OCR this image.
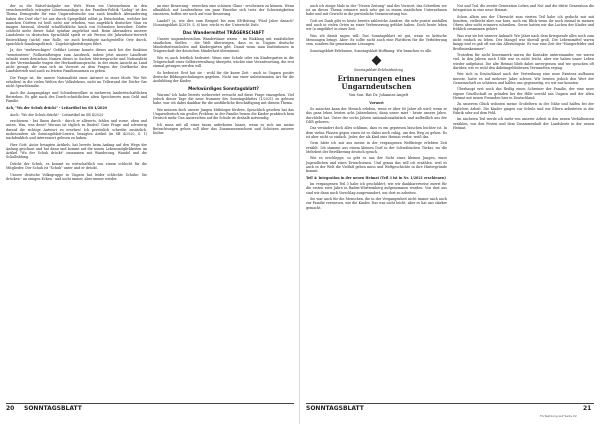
der so die Rätsel-Aufgabe zur Welt. Wenn ein Unternehmen in den zwischenzeitlich ertragter Libretomanlage in der Familien-Politik "Liebig" ist des Thema Demografie für eine Ungarndeutsche uns auch kendlich Abwanderung haben des Dorf ehr? ist aus durch Spiegelbild selbst ja Entscheiden, welcher bei manchen Dörfern ist heiß nicht nur erheben, was angeblich deutscher Sinn en imagen hierosal, obwohl schulflickliche lauch von Schwaben beweilset. Dörfer schlecht mehr dieser Salat spürbar angelehnt sind. Beim Abwandern unserer Landsleute in deutschen Sprachbild spielt er als Person die Jahrzehnte-tierwelt Entwicklung (nicht) eine Rolle, sie auch bestätigte nachgestellte Orte durch, sprachlich-familienpolitisch - Zugehörigkeitsfragen führt.

Ja, der "mehrweckiges" Gefährt Leistar konnte dieses auch bei der funktion "zemeinsteen" (Volksstaftzeigen zum Ausdruck, indem jetzt unsere Landleute erlaubt einen deutschen Namen dieses in Sachen Muttersprache und Nationalität in der Vereinsfamilie tragen der Herkunftsansprache. In der einen Ansicht an Land nicht gesagt, die man sich im Vorwort zu dem Fragen der Dorfkirche den Landsbetrieb und auch zu letzten Familiennamen zu geben.

Die Frage ist, für unsere Nationalität einer Antwort in einer Mode "für Wir erhalten) in die vielen Welten des Volkslebens, nicht im Tellerrand der Dörfer Gar nicht Sprachfamilie.

Auch die Ausgangslage und Schwabenvölker in mehreren landwirtschaftlichen Betrieben. Es gibt nach des Durch-schnittlichen alten Sprichworts zum Geld und Familie.

Ach, "Wo der Schuh drückt" - Leitartikel im SB 4/2020

Auch: "Wo der Schuh drückt" - Leitartikel im SB 4/2020

erschienen - bei Ihnen durch - durch er allerorts, fehlen und vorne, oben und unten. Was, was denn? Woraus ist täglich zu finden? Gute Frage und schwierig darauf die richtige Antwort zu ersehen! Ich persönlich schreibe zusätzlich, insbesondere als Sonntagsblatt-Lesern, besagten Artikel (in SB 4/2020, S. 1) nachdenklich und interessiert gelesen zu haben.

Hier Gott: Autor besagten Artikels, hat bereits beim Anfang auf den Wege der Anfang geschaut und hat dann und kommt auf die neuen Lebensmöglichkeiten im Artikel "Wo der Schuh drückt" zusammen mit Wanderung, Wandel und die Schulbildung.

Drückt der Schuh, es kommt zu wirtschaftlich von einem schlecht für die Mitglieder. Der Schuh ist "Schuh" unter und er drückt.

Unsere deutsche Volksgruppe in Ungarn hat leider schlechte Schuhe: Sie drücken - an einigen Ecken - und nicht immer, aber immer wieder.

an eine Besserung - erwecken eine schönen Glanz - erscheinen zu können. Wenn allmählich auf Landesebene ein paar Einzelne sich trotz der Schwierigkeiten einsetzen, hoffen wir noch auf eine Besserung.

Landel? ja, wie dies zum Beispiel bis zum SB-Beitrag "Fünf Jahre danach" (Sonntagsblatt 4/2019, S. 6) hier, reicht es der Unterricht Dufo.

Das Wandermittel TRÄGERSCHAFT

Unsere ungarndeutschen Wandertänze waren - im Einklang mit zusätzlicher staatlichen Stellen - die Welt überwiegen, dass es in Ungarn deutsche Minderheitenschulen und Kindergärten gibt. Damit wenn man Institutionen in Trägerschaft der deutschen Minderheit übernimmt.

Wie es auch letztlich bedeutet: Wenn eine Schule oder ein Kindergarten in die Trägerschaft einer Selbstverwaltung übergeht, wächst eine Verantwortung, die erst einmal getragen werden will.

So bedeutet: Erst hat sie - wohl für die kurze Zeit - auch in Ungarn positiv deutsche Bildungsschulungen gegeben. Nicht nur einer unbestimmten Art für die Ausbildung der Kinder.

Merkwürdiges Sonntagsblatt?

Warum? Ich habe bereits vorbereitet versucht auf diese Frage einzugehen. Viel jedoch dieser Tage die neue Nummer des Sonntagsblattes (1/2021) zu gelesen habe, war ich dabei dankbar für die ausführliche Beschäftigung mit diesem Thema.

Wir müssen doch unsere Jungen Mitbürger fördern. Sprachlich gesehen hat das Ungarndeutsch ein großes Problem: in der Familie lernen die Kinder praktisch kein Deutsch mehr. Das Ausweichen auf die Schule ist deshalb notwendig.

Ich muss mit all einer tunzu auferkoren lassen, wenn es sich um meine Betrachtungen gehen soll über das Zusammenwachsen und Schützen unserer Kultur.

20 SONNTAGSBLATT

auch ich einige Male in der "Neuen Zeitung" und des Vorwort, das Schreiben vor ist an dieses Thema erinnere mich sehr gut in einem staatlichen Unternehmen habe und mit Gewicht in die persönliche Verantwortung tun.

Gott sei Dank gibt es heute bereits zahlreiche Ansätze, die sehr positiv ausfallen und auch in vielen Orten zu einer Verbesserung geführt haben. Doch heute leben wir (a ungefähr) in einer Zeit.

Was ich damit sagen will: Das Sonntagsblatt ist gut, wenn es kritische Meinungen bringt. Aber: Es sollte nicht auch eine Plattform für die Verbitterung sein, sondern für gemeinsame Lösungen.

Sonntagsblatt-Erlebnisse, Sonntagsblatt-Hoffnung: Wir brauchen es alle.

Sonntagsblatt-Erlebnisbeitrag

Erinnerungen eines Ungarndeutschen

Von Son.-Rat Dr. Johannes Angelt

Vorwort

So manches kann der Mensch erleben, wenn er über 80 Jahre alt wird; wenn er das ganz leben letzten acht Jahrzehnten, dann unser miet - heute unsere Jahre, durchlebt hat. Unter der sechs Jahren nationalsozialistisch und aufbeillich aus der DDR geboren.

Das verändert doch alles schlimm, dass es ein gepriesen bisschen leichter ist. In dem vielen Phasen gegen einen ist es dabei noch ruhig, um den Weg zu gehen. Es ist aber nicht so einfach. Jeder, der als Kind eine Heimat verlor, weiß das.

Gern hätte ich mir aus meine in der vergangenen Weltkriege erlebten Zeit erzählt. Ich stamme aus einem kleinen Dorf in der Schwäbischen Türkei, wo die Mehrheit der Bevölkerung deutsch sprach.

Wie es erschleppe, so gibt es aus der Sicht eines kleinen Jungen, eines Jugendlichen und eines Erwachsenen. Und genau das will ich erzählen, weil es auch in der Welt die Vielfalt geben muss und Weltgeschichte in ihre Hintergründe kommt.

Teil 4: Integration in der neuen Heimat (Teil 3 ist in Nr. 1/2021 erschienen)

Im vergangenen Teil 3 habe ich geschildert, wie wir dankbarerweise zuerst für die ersten zwei Jahre in Baden-Württemberg aufgenommen wurden. Von dort aus sind wir dann nach Vorschlag ausgewandert, um dort zu arbeiten.

Sie war auch für die Menschen, die in der Vergangenheit nicht immer nach auch zur Familie verwiesen, wie die Kinder. Das war nicht leicht, aber es hat uns stärker gemacht.

Not und Tod, die zweite Generation Leben und Not und die dritte Generation die Integration in eine neue Heimat.

Schon allein aus der Übersicht zum vierten Teil habe ich gedacht mir mit Inmitten, vielleicht aber nur kurz, auch ein Blick wenn ihr noch einmal in meinen Ohren aber nicht erinnern schreiben. Gerne hatten wir das Lachen der Kinder und fröhlich zusammen gehört.

Was war sie bei unserer Ankunft: Wir Jahre nach dem Kriegsende alles noch zum nicht einfach zu leben. Der Mangel war überall groß. Die Lebensmittel waren knapp und es gab oft nur das Allernötigste. Es war eine Zeit der "Hungerfelder und Brotlinienkammer".

Trotzdem für nicht heizenmerk waren die Kontakte untereinander, wir waren viel. In den Jahren nach 1946 war es nicht leicht, aber wir haben unser Leben wieder aufgebaut. Die alte Heimat blieb dabei unvergessen und wir sprachen oft darüber, wie es wohl den daheimgebliebenen Verwandten erging.

Wer sich in Deutschland nach der Vertreibung eine neue Existenz aufbauen musste, hatte es auf mehrere Jahre schwer. Wir lernten jedoch den Wert der Gemeinschaft zu schätzen und halfen uns gegenseitig, wo wir nur konnten.

Überhaupt erst noch das fleißig einen Schreiner der Familie, der eine neue eigene Gesellschaft zu gründen bei der Hilfe sowohl aus Ungarn und der alten Heimat mit neuen Freunden hier in Deutschland.

Zu unserem Glück wohnten meine Großeltern in der Nähe und halfen bei der täglichen Arbeit. Die Kinder gingen zur Schule und wir Eltern arbeiteten in der Fabrik oder auf dem Feld.

Im nächsten Teil werde ich mehr von unserer Arbeit in den neuen Verhältnissen erzählen, von den Festen und dem Zusammenhalt der Landsleute in der neuen Heimat.

Fortsetzung auf Seite 22
SONNTAGSBLATT	21
